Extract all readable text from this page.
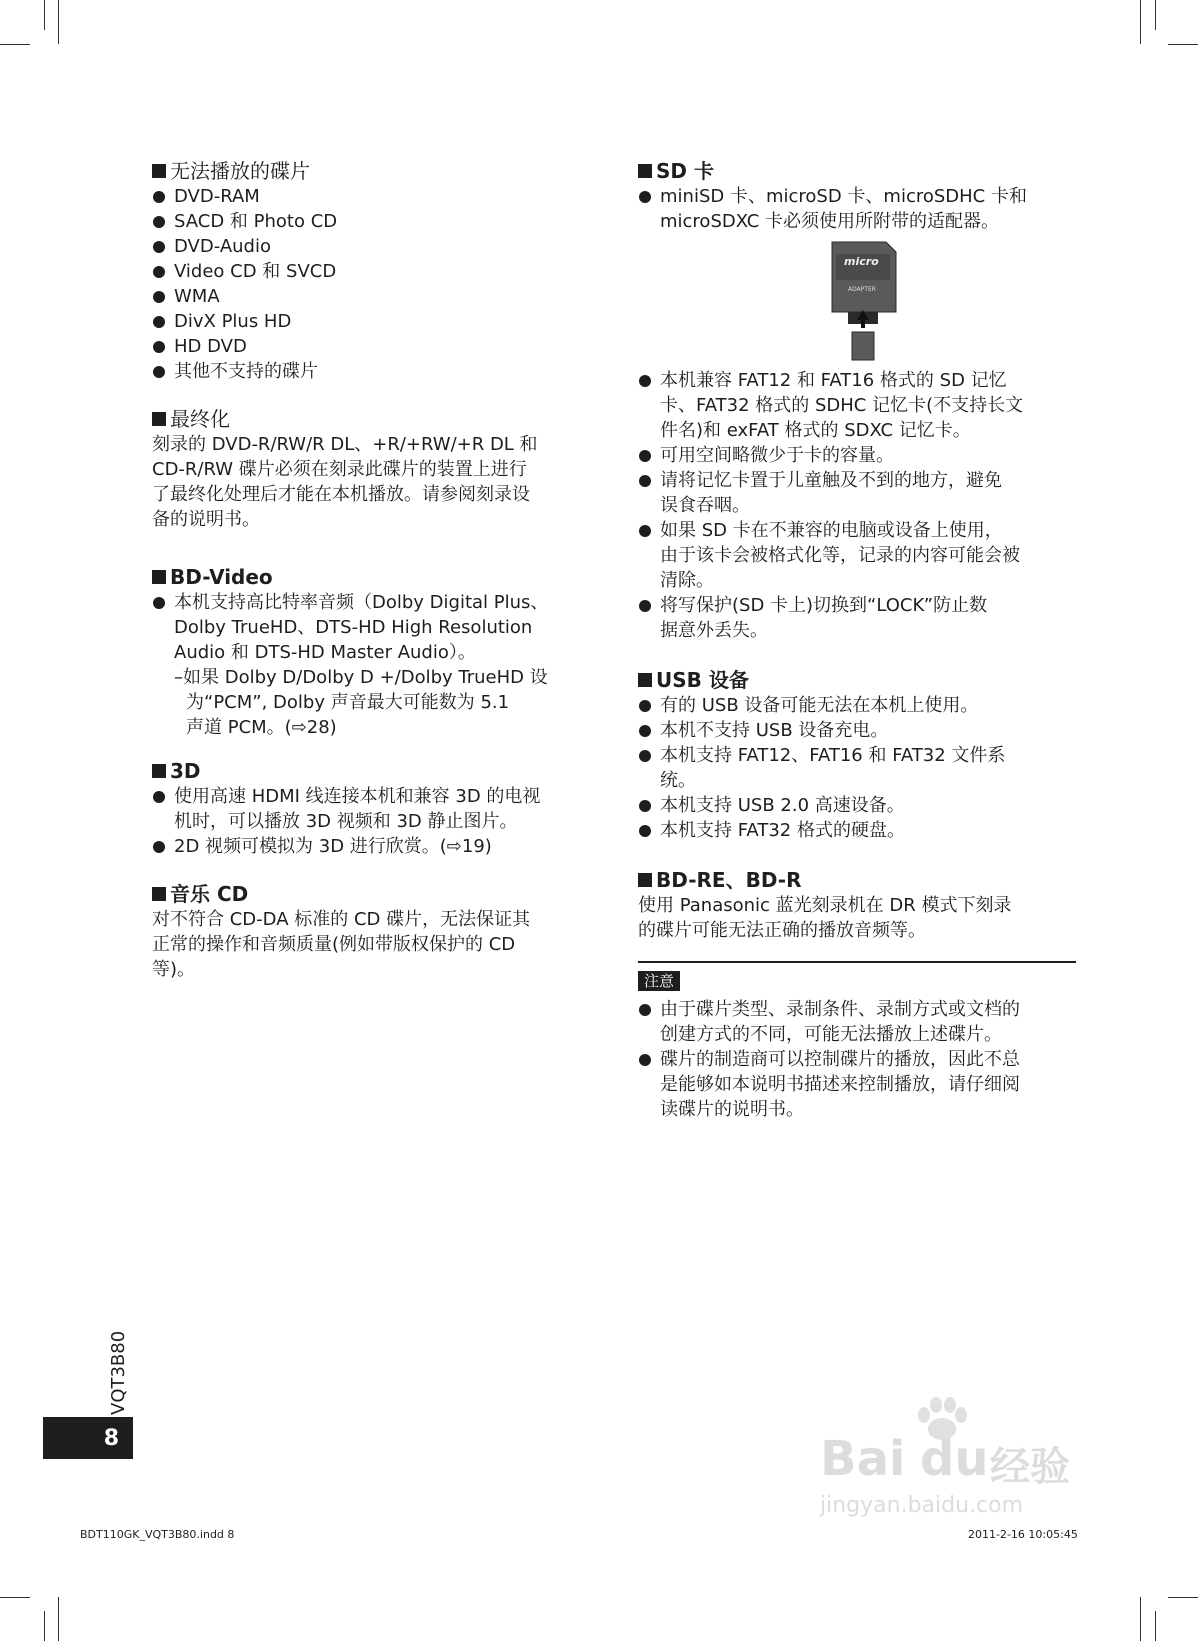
无法播放的碟片
DVD-RAM
SACD 和 Photo CD
DVD-Audio
Video CD 和 SVCD
WMA
DivX Plus HD
HD DVD
其他不支持的碟片
最终化

刻录的 DVD-R/RW/R DL、+R/+RW/+R DL 和

CD-R/RW 碟片必须在刻录此碟片的装置上进行

了最终化处理后才能在本机播放。请参阅刻录设

备的说明书。

BD-Video
本机支持高比特率音频（Dolby Digital Plus、
Dolby TrueHD、DTS-HD High Resolution
Audio 和 DTS-HD Master Audio）。
–如果 Dolby D/Dolby D +/Dolby TrueHD 设
为“PCM”, Dolby 声音最大可能数为 5.1
声道 PCM。(⇨28)
3D
使用高速 HDMI 线连接本机和兼容 3D 的电视
机时，可以播放 3D 视频和 3D 静止图片。
2D 视频可模拟为 3D 进行欣赏。(⇨19)
音乐 CD

对不符合 CD-DA 标准的 CD 碟片，无法保证其

正常的操作和音频质量(例如带版权保护的 CD

等)。

SD 卡
miniSD 卡、microSD 卡、microSDHC 卡和
microSDXC 卡必须使用所附带的适配器。
micro
ADAPTER
本机兼容 FAT12 和 FAT16 格式的 SD 记忆
卡、FAT32 格式的 SDHC 记忆卡(不支持长文
件名)和 exFAT 格式的 SDXC 记忆卡。
可用空间略微少于卡的容量。
请将记忆卡置于儿童触及不到的地方，避免
误食吞咽。
如果 SD 卡在不兼容的电脑或设备上使用，
由于该卡会被格式化等，记录的内容可能会被
清除。
将写保护(SD 卡上)切换到“LOCK”防止数
据意外丢失。
USB 设备
有的 USB 设备可能无法在本机上使用。
本机不支持 USB 设备充电。
本机支持 FAT12、FAT16 和 FAT32 文件系
统。
本机支持 USB 2.0 高速设备。
本机支持 FAT32 格式的硬盘。
BD-RE、BD-R

使用 Panasonic 蓝光刻录机在 DR 模式下刻录

的碟片可能无法正确的播放音频等。

注意
由于碟片类型、录制条件、录制方式或文档的
创建方式的不同，可能无法播放上述碟片。
碟片的制造商可以控制碟片的播放，因此不总
是能够如本说明书描述来控制播放，请仔细阅
读碟片的说明书。
8
VQT3B80
BDT110GK_VQT3B80.indd 8	2011-2-16 10:05:45
Bai du 经验
jingyan.baidu.com
